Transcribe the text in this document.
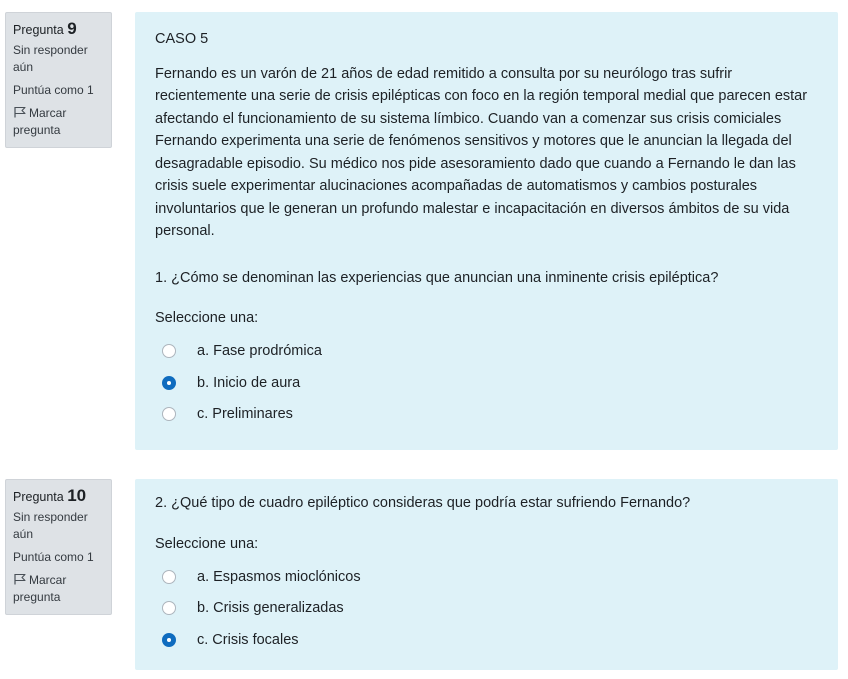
Pregunta 9
Sin responder aún
Puntúa como 1
Marcar pregunta

CASO 5

Fernando es un varón de 21 años de edad remitido a consulta por su neurólogo tras sufrir recientemente una serie de crisis epilépticas con foco en la región temporal medial que parecen estar afectando el funcionamiento de su sistema límbico. Cuando van a comenzar sus crisis comiciales Fernando experimenta una serie de fenómenos sensitivos y motores que le anuncian la llegada del desagradable episodio. Su médico nos pide asesoramiento dado que cuando a Fernando le dan las crisis suele experimentar alucinaciones acompañadas de automatismos y cambios posturales involuntarios que le generan un profundo malestar e incapacitación en diversos ámbitos de su vida personal.

1. ¿Cómo se denominan las experiencias que anuncian una inminente crisis epiléptica?

Seleccione una:

a. Fase prodrómica
b. Inicio de aura
c. Preliminares
Pregunta 10
Sin responder aún
Puntúa como 1
Marcar pregunta

2. ¿Qué tipo de cuadro epiléptico consideras que podría estar sufriendo Fernando?

Seleccione una:

a. Espasmos mioclónicos
b. Crisis generalizadas
c. Crisis focales
